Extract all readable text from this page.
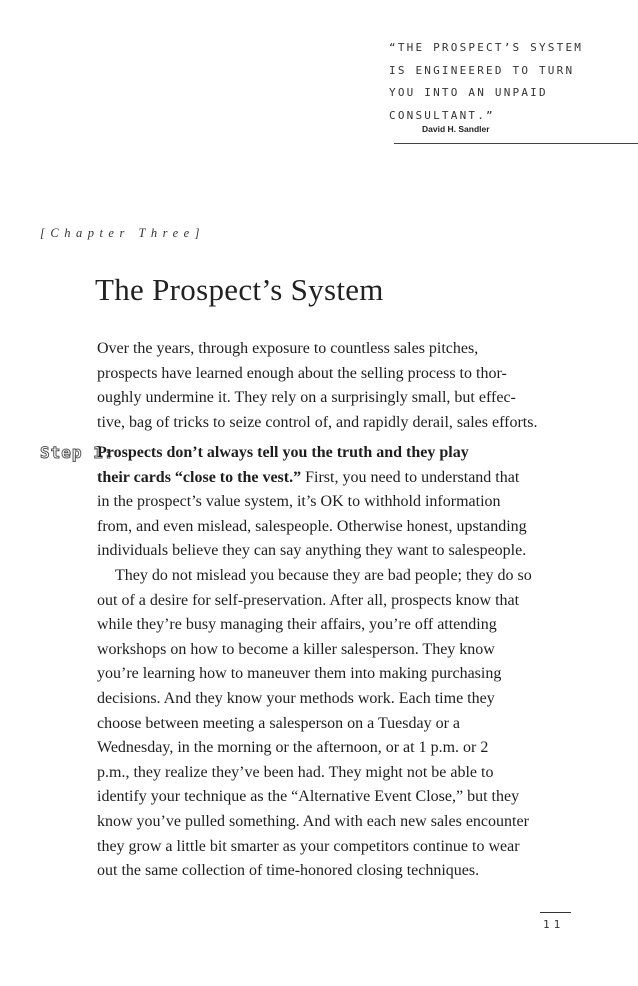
“THE PROSPECT’S SYSTEM
IS ENGINEERED TO TURN
YOU INTO AN UNPAID
CONSULTANT.”
David H. Sandler
[Chapter Three]
The Prospect’s System
Over the years, through exposure to countless sales pitches,
prospects have learned enough about the selling process to thor-
oughly undermine it. They rely on a surprisingly small, but effec-
tive, bag of tricks to seize control of, and rapidly derail, sales efforts.
Step 1:
Prospects don’t always tell you the truth and they play
their cards “close to the vest.” First, you need to understand that
in the prospect’s value system, it’s OK to withhold information
from, and even mislead, salespeople. Otherwise honest, upstanding
individuals believe they can say anything they want to salespeople.
They do not mislead you because they are bad people; they do so
out of a desire for self-preservation. After all, prospects know that
while they’re busy managing their affairs, you’re off attending
workshops on how to become a killer salesperson. They know
you’re learning how to maneuver them into making purchasing
decisions. And they know your methods work. Each time they
choose between meeting a salesperson on a Tuesday or a
Wednesday, in the morning or the afternoon, or at 1 p.m. or 2
p.m., they realize they’ve been had. They might not be able to
identify your technique as the “Alternative Event Close,” but they
know you’ve pulled something. And with each new sales encounter
they grow a little bit smarter as your competitors continue to wear
out the same collection of time-honored closing techniques.
11
